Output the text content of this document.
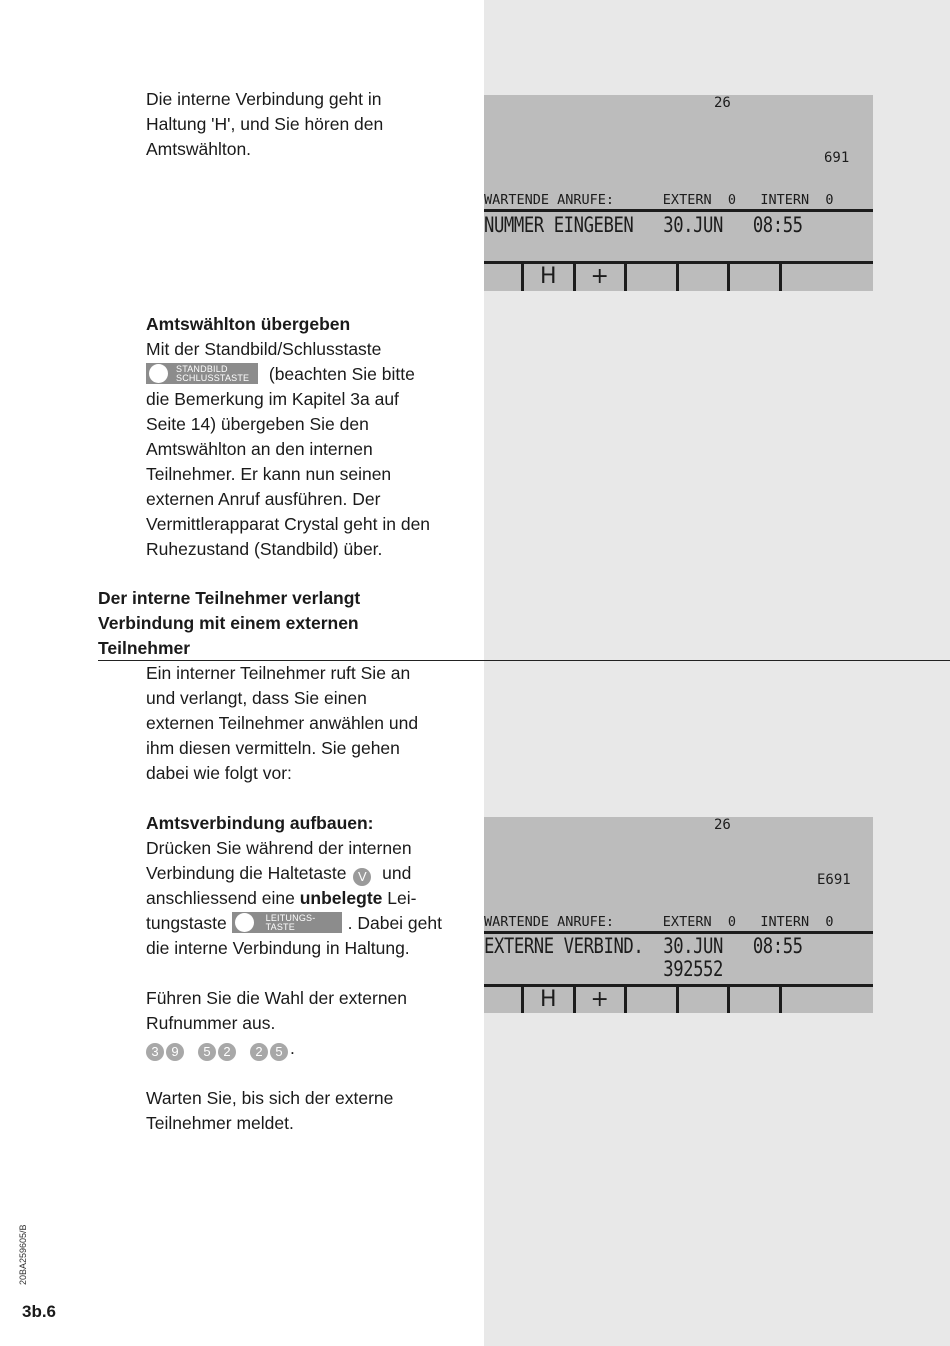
Die interne Verbindung geht in
Haltung 'H', und Sie hören den
Amtswählton.
26
691
WARTENDE ANRUFE:      EXTERN  0   INTERN  0
NUMMER EINGEBEN   30.JUN   08:55
H	+
Amtswählton übergeben
Mit der Standbild/Schlusstaste
STANDBILD
SCHLUSSTASTE (beachten Sie bitte
die Bemerkung im Kapitel 3a auf
Seite 14) übergeben Sie den
Amtswählton an den internen
Teilnehmer. Er kann nun seinen
externen Anruf ausführen. Der
Vermittlerapparat Crystal geht in den
Ruhezustand (Standbild) über.
Der interne Teilnehmer verlangt
Verbindung mit einem externen
Teilnehmer
Ein interner Teilnehmer ruft Sie an
und verlangt, dass Sie einen
externen Teilnehmer anwählen und
ihm diesen vermitteln. Sie gehen
dabei wie folgt vor:
Amtsverbindung aufbauen:
Drücken Sie während der internen
Verbindung die Haltetaste V und
anschliessend eine unbelegte Lei-
tungstaste	LEITUNGS-
TASTE	. Dabei geht
die interne Verbindung in Haltung.
26
E691
WARTENDE ANRUFE:      EXTERN  0   INTERN  0
EXTERNE VERBIND.  30.JUN   08:55
392552
H	+
Führen Sie die Wahl der externen
Rufnummer aus.
3 9 5 2 2 5 .
Warten Sie, bis sich der externe
Teilnehmer meldet.
20BA259605/B
3b.6
